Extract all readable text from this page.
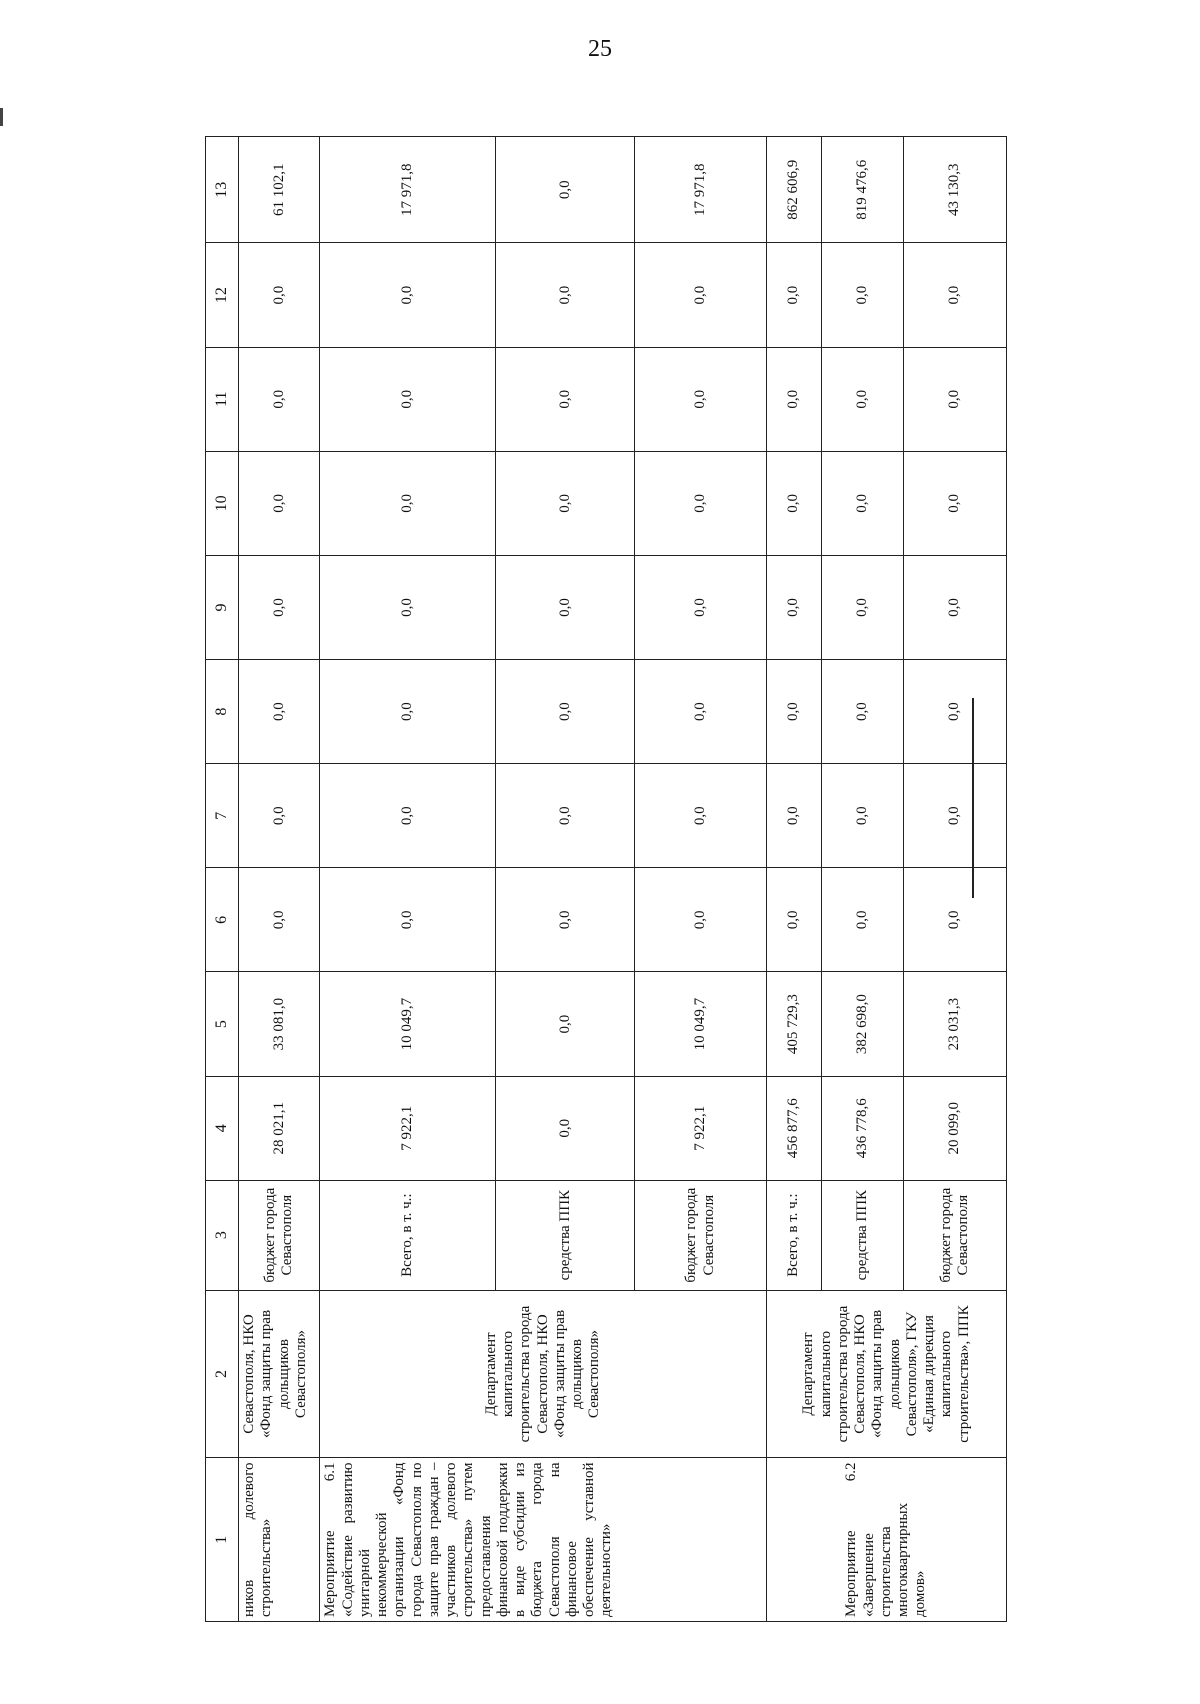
25
1	2	3	4	5	6	7	8	9	10	11	12	13
ников долевого строительства»	Севастополя, НКО «Фонд защиты прав дольщиков Севастополя»	бюджет города Севастополя	28 021,1	33 081,0	0,0	0,0	0,0	0,0	0,0	0,0	0,0	61 102,1
Мероприятие 6.1 «Содействие развитию унитарной некоммерческой организации «Фонд города Севастополя по защите прав граждан – участников долевого строительства» путем предоставления финансовой поддержки в виде субсидии из бюджета города Севастополя на финансовое обеспечение уставной деятельности»	Департамент капитального строительства города Севастополя, НКО «Фонд защиты прав дольщиков Севастополя»	Всего, в т. ч.:	7 922,1	10 049,7	0,0	0,0	0,0	0,0	0,0	0,0	0,0	17 971,8
		средства ППК	0,0	0,0	0,0	0,0	0,0	0,0	0,0	0,0	0,0	0,0
		бюджет города Севастополя	7 922,1	10 049,7	0,0	0,0	0,0	0,0	0,0	0,0	0,0	17 971,8
Мероприятие 6.2 «Завершение строительства многоквартирных домов»	Департамент капитального строительства города Севастополя, НКО «Фонд защиты прав дольщиков Севастополя», ГКУ «Единая дирекция капитального строительства», ППК	Всего, в т. ч.:	456 877,6	405 729,3	0,0	0,0	0,0	0,0	0,0	0,0	0,0	862 606,9
		средства ППК	436 778,6	382 698,0	0,0	0,0	0,0	0,0	0,0	0,0	0,0	819 476,6
		бюджет города Севастополя	20 099,0	23 031,3	0,0	0,0	0,0	0,0	0,0	0,0	0,0	43 130,3
